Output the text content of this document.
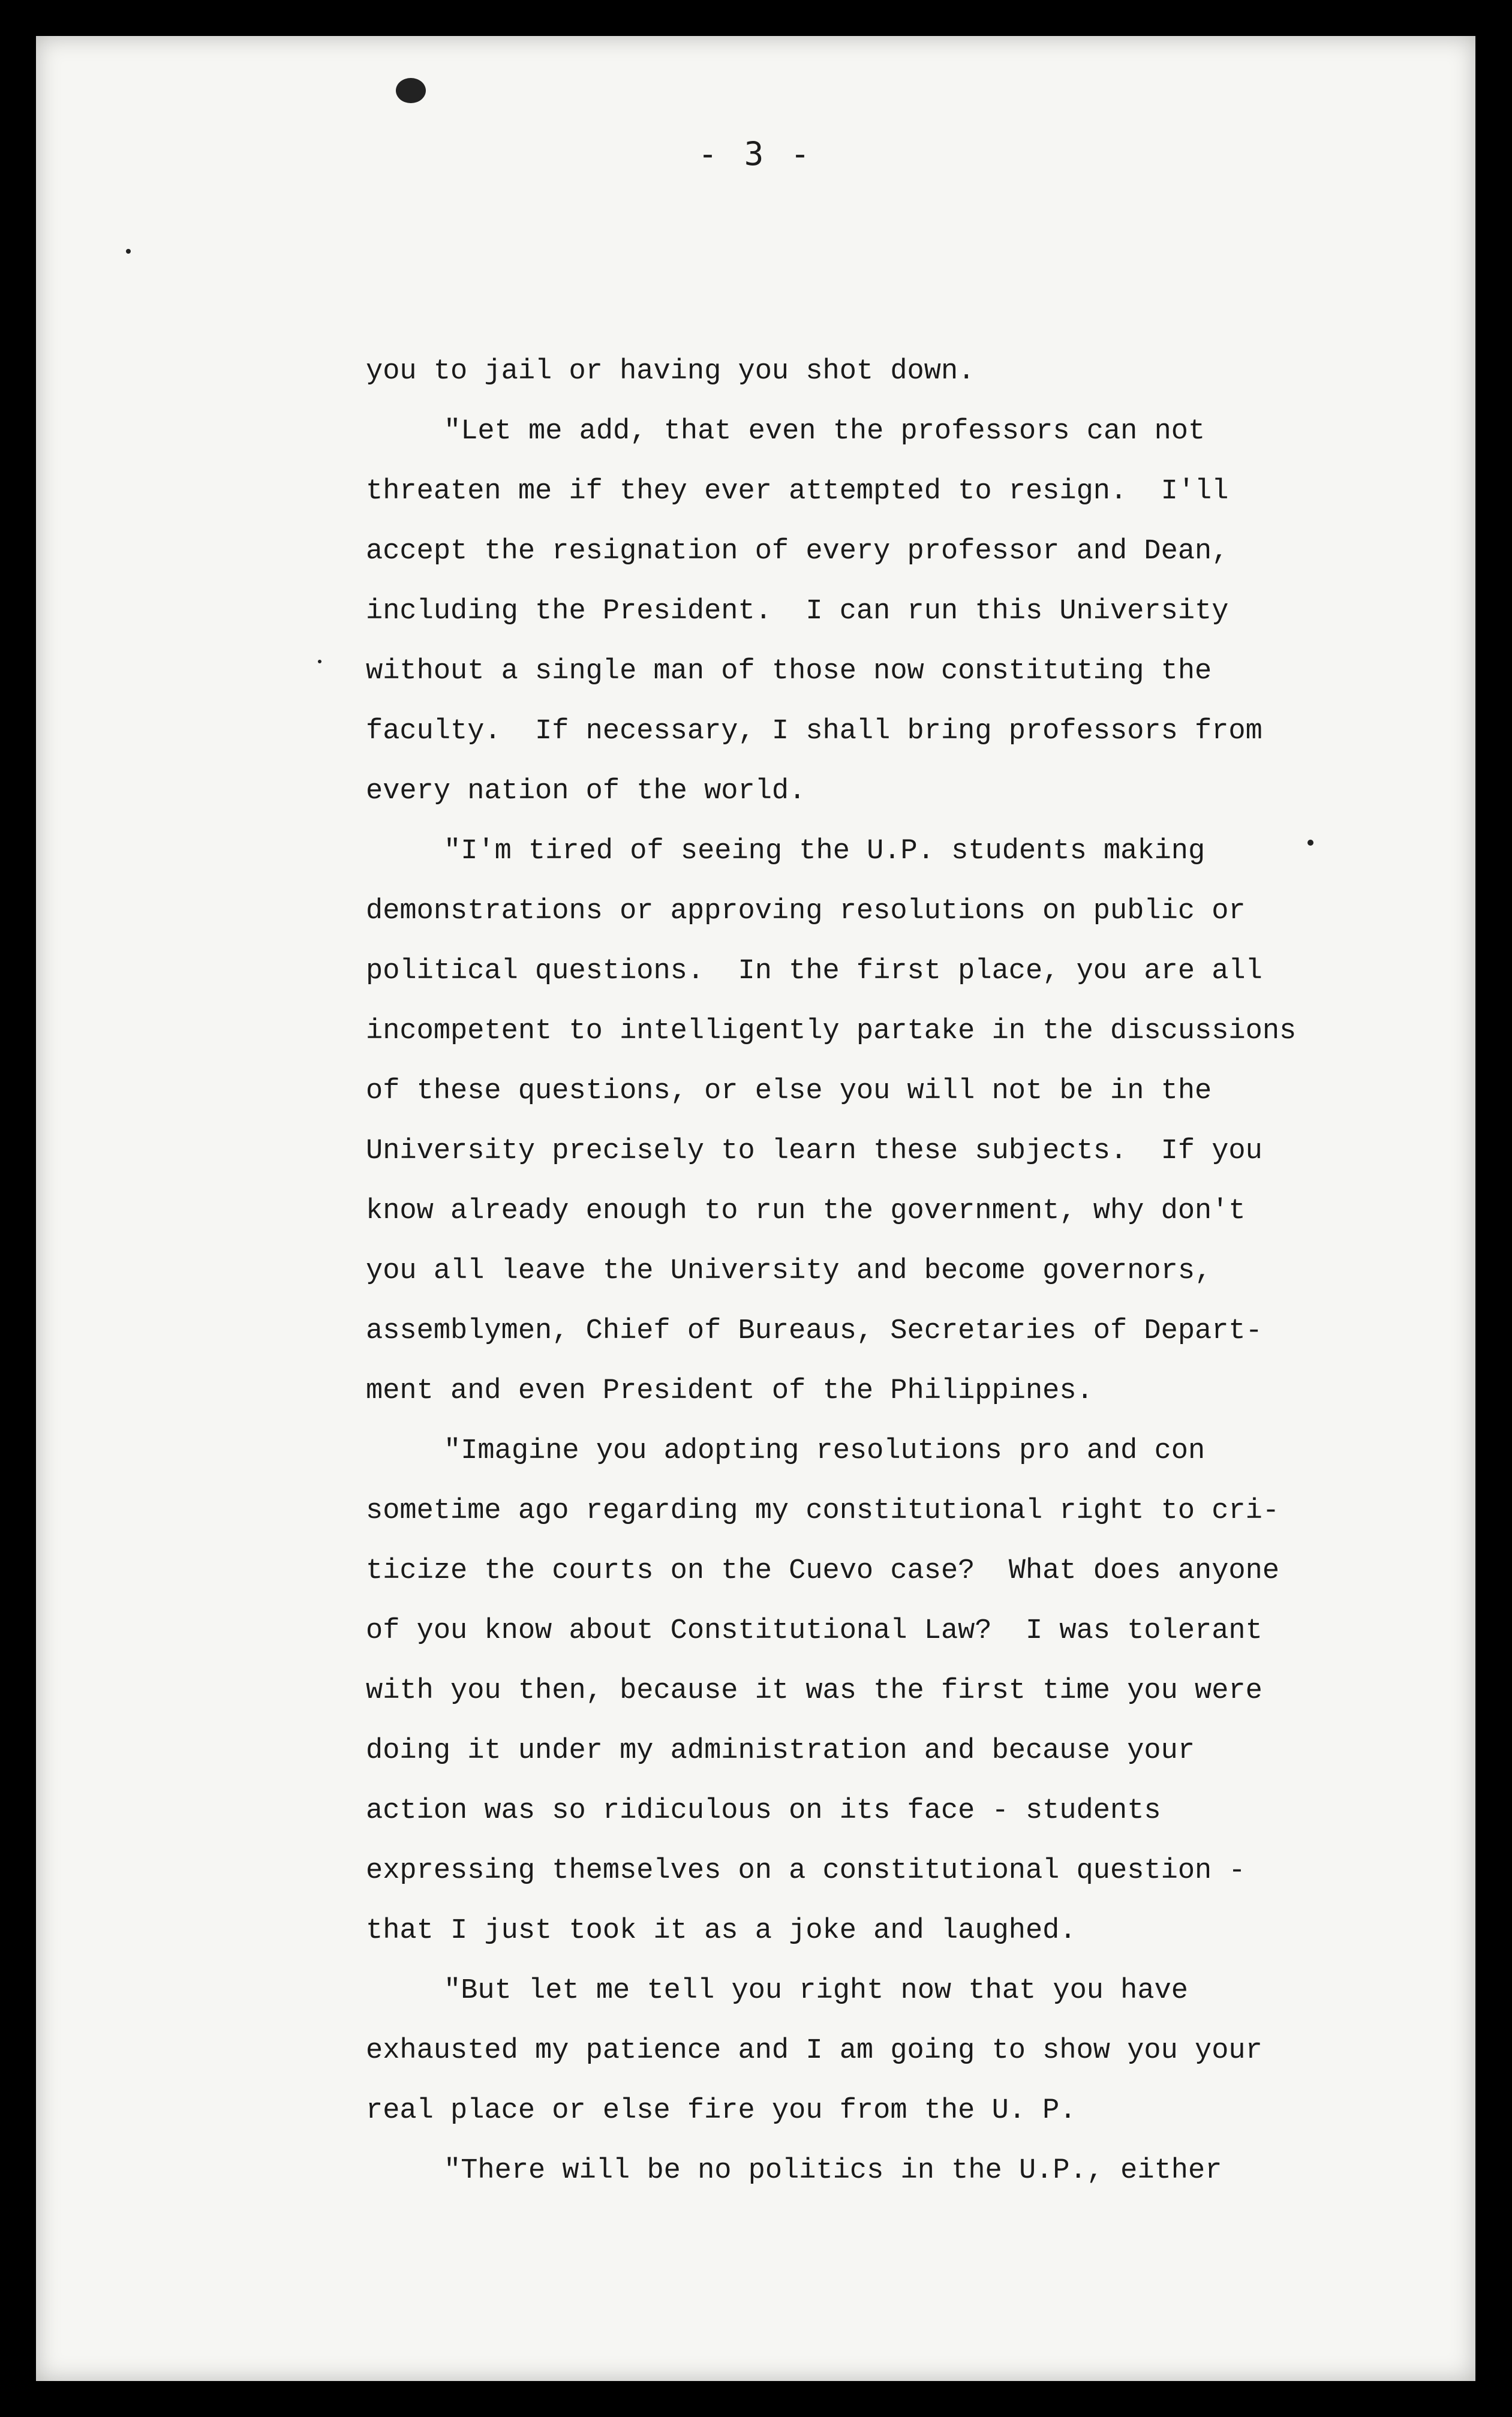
- 3 -
you to jail or having you shot down.
"Let me add, that even the professors can not
threaten me if they ever attempted to resign.  I'll
accept the resignation of every professor and Dean,
including the President.  I can run this University
without a single man of those now constituting the
faculty.  If necessary, I shall bring professors from
every nation of the world.
"I'm tired of seeing the U.P. students making
demonstrations or approving resolutions on public or
political questions.  In the first place, you are all
incompetent to intelligently partake in the discussions
of these questions, or else you will not be in the
University precisely to learn these subjects.  If you
know already enough to run the government, why don't
you all leave the University and become governors,
assemblymen, Chief of Bureaus, Secretaries of Depart-
ment and even President of the Philippines.
"Imagine you adopting resolutions pro and con
sometime ago regarding my constitutional right to cri-
ticize the courts on the Cuevo case?  What does anyone
of you know about Constitutional Law?  I was tolerant
with you then, because it was the first time you were
doing it under my administration and because your
action was so ridiculous on its face - students
expressing themselves on a constitutional question -
that I just took it as a joke and laughed.
"But let me tell you right now that you have
exhausted my patience and I am going to show you your
real place or else fire you from the U. P.
"There will be no politics in the U.P., either
